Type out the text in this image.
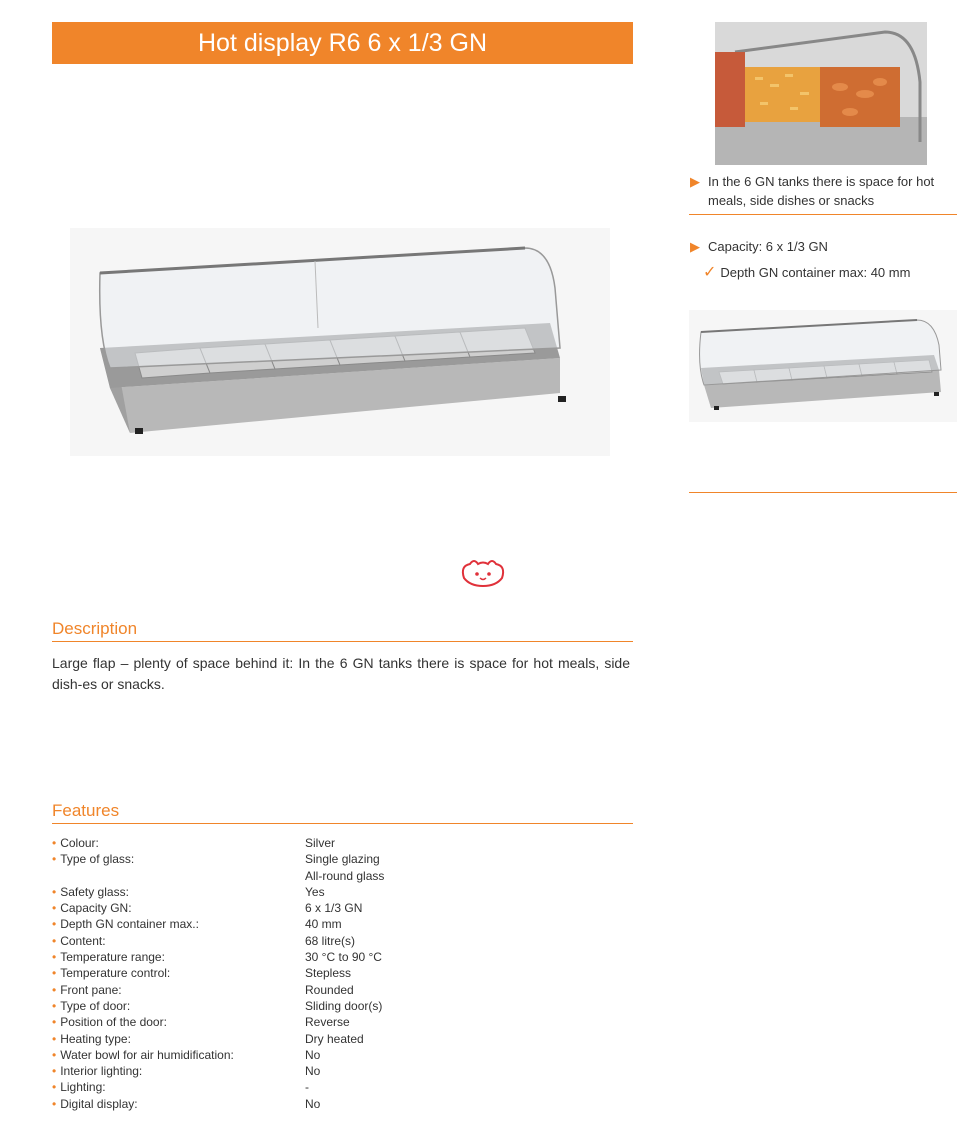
Hot display R6 6 x 1/3 GN
Description
Large flap – plenty of space behind it: In the 6 GN tanks there is space for hot meals, side dish-es or snacks.
Features
• Colour:	Silver
• Type of glass:	Single glazing
All-round glass
• Safety glass:	Yes
• Capacity GN:	6 x 1/3 GN
• Depth GN container max.:	40 mm
• Content:	68 litre(s)
• Temperature range:	30 °C to 90 °C
• Temperature control:	Stepless
• Front pane:	Rounded
• Type of door:	Sliding door(s)
• Position of the door:	Reverse
• Heating type:	Dry heated
• Water bowl for air humidification:	No
• Interior lighting:	No
• Lighting:	-
• Digital display:	No
▶ In the 6 GN tanks there is space for hot
meals, side dishes or snacks
▶ Capacity: 6 x 1/3 GN
✓ Depth GN container max: 40 mm
